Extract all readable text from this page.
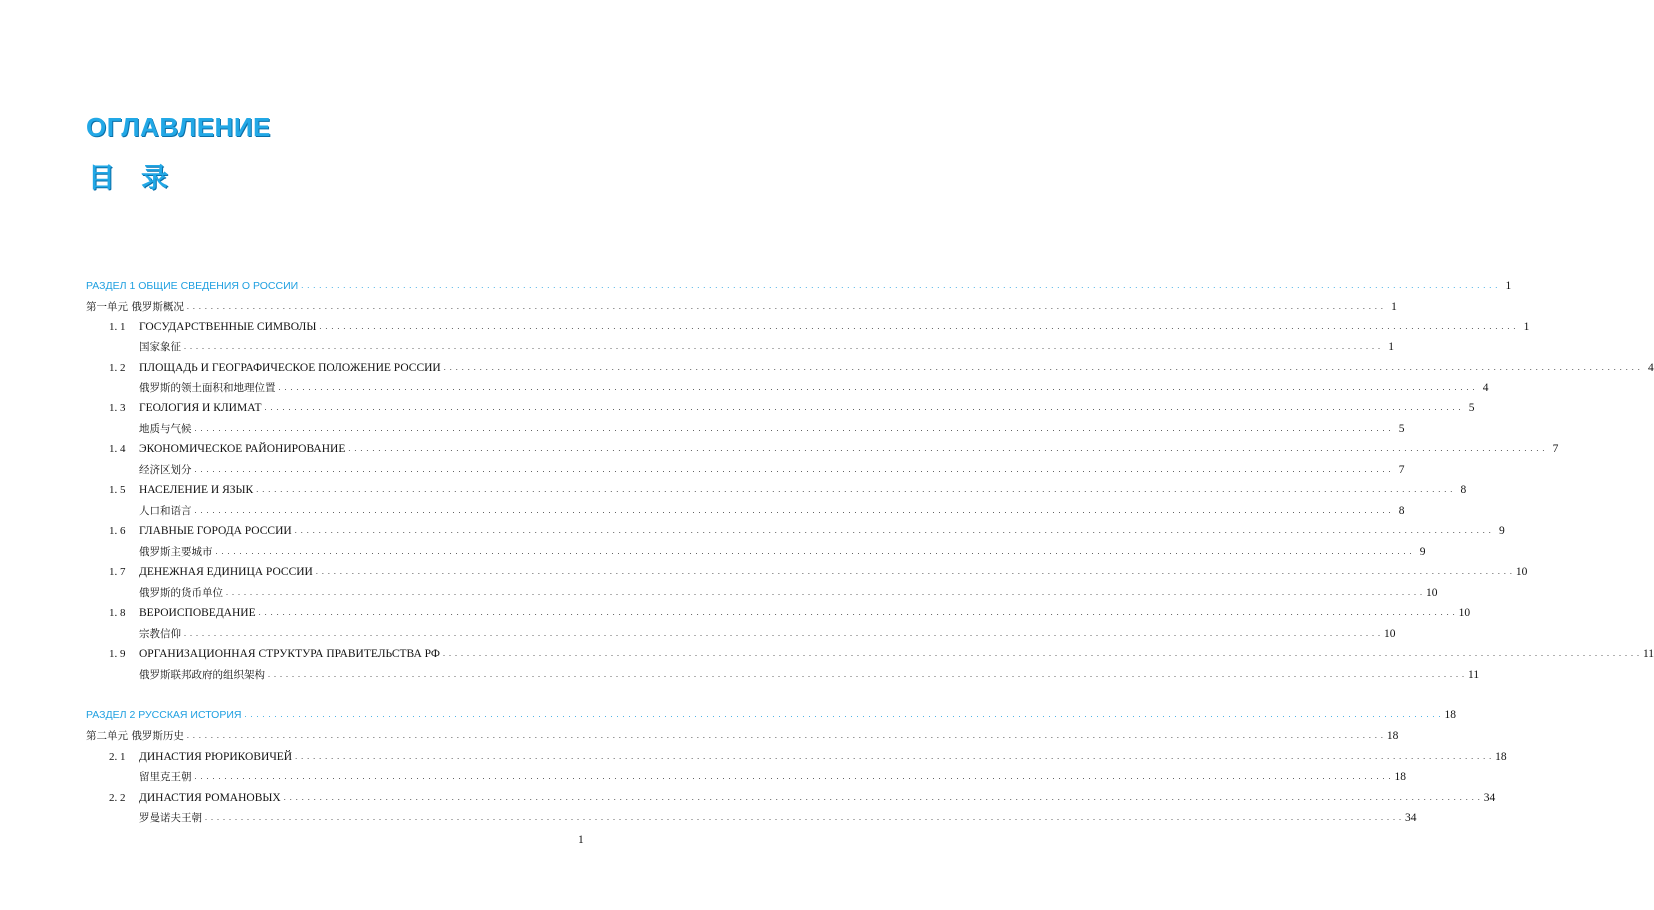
ОГЛАВЛЕНИЕ
目录
РАЗДЕЛ 1 ОБЩИЕ СВЕДЕНИЯ О РОССИИ . . . . . . . . . . . . . . . . . . . . . . . . . . . . . . . . . . . . . . . . . . . . . . . . . . . . . . . . . . . . . . . . . . . . . . . . . . . . . . . . . . . . . . . . . . . . . . . . . . . . . . . . . . . . . . . . . . . . . . . . . . . . . . . . . . . . . . . . . . . . . . . . . . . . . . . . . . . . . . . . . . . . . . . . . . . . . . . . . . . . . . . . . . . . . . . . . . . . . . . . 1
第一单元 俄罗斯概况 . . . . . . . . . . . . . . . . . . . . . . . . . . . . . . . . . . . . . . . . . . . . . . . . . . . . . . . . . . . . . . . . . . . . . . . . . . . . . . . . . . . . . . . . . . . . . . . . . . . . . . . . . . . . . . . . . . . . . . . . . . . . . . . . . . . . . . . . . . . . . . . . . . . . . . . . . . . . . . . . . . . . . . . . . . . . . . . . . . . . . . . . . . . . . . . . . . . . . . . . 1
1. 1	ГОСУДАРСТВЕННЫЕ СИМВОЛЫ . . . . . . . . . . . . . . . . . . . . . . . . . . . . . . . . . . . . . . . . . . . . . . . . . . . . . . . . . . . . . . . . . . . . . . . . . . . . . . . . . . . . . . . . . . . . . . . . . . . . . . . . . . . . . . . . . . . . . . . . . . . . . . . . . . . . . . . . . . . . . . . . . . . . . . . . . . . . . . . . . . . . . . . . . . . . . . . . . . . . . . . . . . . . . . . . . . . . . . . . 1
国家象征 . . . . . . . . . . . . . . . . . . . . . . . . . . . . . . . . . . . . . . . . . . . . . . . . . . . . . . . . . . . . . . . . . . . . . . . . . . . . . . . . . . . . . . . . . . . . . . . . . . . . . . . . . . . . . . . . . . . . . . . . . . . . . . . . . . . . . . . . . . . . . . . . . . . . . . . . . . . . . . . . . . . . . . . . . . . . . . . . . . . . . . . . . . . . . . . . . . . . . . . . 1
1. 2	ПЛОЩАДЬ И ГЕОГРАФИЧЕСКОЕ ПОЛОЖЕНИЕ РОССИИ . . . . . . . . . . . . . . . . . . . . . . . . . . . . . . . . . . . . . . . . . . . . . . . . . . . . . . . . . . . . . . . . . . . . . . . . . . . . . . . . . . . . . . . . . . . . . . . . . . . . . . . . . . . . . . . . . . . . . . . . . . . . . . . . . . . . . . . . . . . . . . . . . . . . . . . . . . . . . . . . . . . . . . . . . . . . . . . . . . . . . . . . . . . . . . . . . . . . . . . . 4
俄罗斯的领土面积和地理位置 . . . . . . . . . . . . . . . . . . . . . . . . . . . . . . . . . . . . . . . . . . . . . . . . . . . . . . . . . . . . . . . . . . . . . . . . . . . . . . . . . . . . . . . . . . . . . . . . . . . . . . . . . . . . . . . . . . . . . . . . . . . . . . . . . . . . . . . . . . . . . . . . . . . . . . . . . . . . . . . . . . . . . . . . . . . . . . . . . . . . . . . . . . . . . . . . . . . . . . . . 4
1. 3	ГЕОЛОГИЯ И КЛИМАТ . . . . . . . . . . . . . . . . . . . . . . . . . . . . . . . . . . . . . . . . . . . . . . . . . . . . . . . . . . . . . . . . . . . . . . . . . . . . . . . . . . . . . . . . . . . . . . . . . . . . . . . . . . . . . . . . . . . . . . . . . . . . . . . . . . . . . . . . . . . . . . . . . . . . . . . . . . . . . . . . . . . . . . . . . . . . . . . . . . . . . . . . . . . . . . . . . . . . . . . . 5
地质与气候 . . . . . . . . . . . . . . . . . . . . . . . . . . . . . . . . . . . . . . . . . . . . . . . . . . . . . . . . . . . . . . . . . . . . . . . . . . . . . . . . . . . . . . . . . . . . . . . . . . . . . . . . . . . . . . . . . . . . . . . . . . . . . . . . . . . . . . . . . . . . . . . . . . . . . . . . . . . . . . . . . . . . . . . . . . . . . . . . . . . . . . . . . . . . . . . . . . . . . . . . 5
1. 4	ЭКОНОМИЧЕСКОЕ РАЙОНИРОВАНИЕ . . . . . . . . . . . . . . . . . . . . . . . . . . . . . . . . . . . . . . . . . . . . . . . . . . . . . . . . . . . . . . . . . . . . . . . . . . . . . . . . . . . . . . . . . . . . . . . . . . . . . . . . . . . . . . . . . . . . . . . . . . . . . . . . . . . . . . . . . . . . . . . . . . . . . . . . . . . . . . . . . . . . . . . . . . . . . . . . . . . . . . . . . . . . . . . . . . . . . . . . 7
经济区划分 . . . . . . . . . . . . . . . . . . . . . . . . . . . . . . . . . . . . . . . . . . . . . . . . . . . . . . . . . . . . . . . . . . . . . . . . . . . . . . . . . . . . . . . . . . . . . . . . . . . . . . . . . . . . . . . . . . . . . . . . . . . . . . . . . . . . . . . . . . . . . . . . . . . . . . . . . . . . . . . . . . . . . . . . . . . . . . . . . . . . . . . . . . . . . . . . . . . . . . . . 7
1. 5	НАСЕЛЕНИЕ И ЯЗЫК . . . . . . . . . . . . . . . . . . . . . . . . . . . . . . . . . . . . . . . . . . . . . . . . . . . . . . . . . . . . . . . . . . . . . . . . . . . . . . . . . . . . . . . . . . . . . . . . . . . . . . . . . . . . . . . . . . . . . . . . . . . . . . . . . . . . . . . . . . . . . . . . . . . . . . . . . . . . . . . . . . . . . . . . . . . . . . . . . . . . . . . . . . . . . . . . . . . . . . . . 8
人口和语言 . . . . . . . . . . . . . . . . . . . . . . . . . . . . . . . . . . . . . . . . . . . . . . . . . . . . . . . . . . . . . . . . . . . . . . . . . . . . . . . . . . . . . . . . . . . . . . . . . . . . . . . . . . . . . . . . . . . . . . . . . . . . . . . . . . . . . . . . . . . . . . . . . . . . . . . . . . . . . . . . . . . . . . . . . . . . . . . . . . . . . . . . . . . . . . . . . . . . . . . . 8
1. 6	ГЛАВНЫЕ ГОРОДА РОССИИ . . . . . . . . . . . . . . . . . . . . . . . . . . . . . . . . . . . . . . . . . . . . . . . . . . . . . . . . . . . . . . . . . . . . . . . . . . . . . . . . . . . . . . . . . . . . . . . . . . . . . . . . . . . . . . . . . . . . . . . . . . . . . . . . . . . . . . . . . . . . . . . . . . . . . . . . . . . . . . . . . . . . . . . . . . . . . . . . . . . . . . . . . . . . . . . . . . . . . . . . 9
俄罗斯主要城市 . . . . . . . . . . . . . . . . . . . . . . . . . . . . . . . . . . . . . . . . . . . . . . . . . . . . . . . . . . . . . . . . . . . . . . . . . . . . . . . . . . . . . . . . . . . . . . . . . . . . . . . . . . . . . . . . . . . . . . . . . . . . . . . . . . . . . . . . . . . . . . . . . . . . . . . . . . . . . . . . . . . . . . . . . . . . . . . . . . . . . . . . . . . . . . . . . . . . . . . . 9
1. 7	ДЕНЕЖНАЯ ЕДИНИЦА РОССИИ . . . . . . . . . . . . . . . . . . . . . . . . . . . . . . . . . . . . . . . . . . . . . . . . . . . . . . . . . . . . . . . . . . . . . . . . . . . . . . . . . . . . . . . . . . . . . . . . . . . . . . . . . . . . . . . . . . . . . . . . . . . . . . . . . . . . . . . . . . . . . . . . . . . . . . . . . . . . . . . . . . . . . . . . . . . . . . . . . . . . . . . . . . . . . . . . . . . . . . . . 10
俄罗斯的货币单位 . . . . . . . . . . . . . . . . . . . . . . . . . . . . . . . . . . . . . . . . . . . . . . . . . . . . . . . . . . . . . . . . . . . . . . . . . . . . . . . . . . . . . . . . . . . . . . . . . . . . . . . . . . . . . . . . . . . . . . . . . . . . . . . . . . . . . . . . . . . . . . . . . . . . . . . . . . . . . . . . . . . . . . . . . . . . . . . . . . . . . . . . . . . . . . . . . . . . . . . . 10
1. 8	ВЕРОИСПОВЕДАНИЕ . . . . . . . . . . . . . . . . . . . . . . . . . . . . . . . . . . . . . . . . . . . . . . . . . . . . . . . . . . . . . . . . . . . . . . . . . . . . . . . . . . . . . . . . . . . . . . . . . . . . . . . . . . . . . . . . . . . . . . . . . . . . . . . . . . . . . . . . . . . . . . . . . . . . . . . . . . . . . . . . . . . . . . . . . . . . . . . . . . . . . . . . . . . . . . . . . . . . . . . . 10
宗教信仰 . . . . . . . . . . . . . . . . . . . . . . . . . . . . . . . . . . . . . . . . . . . . . . . . . . . . . . . . . . . . . . . . . . . . . . . . . . . . . . . . . . . . . . . . . . . . . . . . . . . . . . . . . . . . . . . . . . . . . . . . . . . . . . . . . . . . . . . . . . . . . . . . . . . . . . . . . . . . . . . . . . . . . . . . . . . . . . . . . . . . . . . . . . . . . . . . . . . . . . . . 10
1. 9	ОРГАНИЗАЦИОННАЯ СТРУКТУРА ПРАВИТЕЛЬСТВА РФ . . . . . . . . . . . . . . . . . . . . . . . . . . . . . . . . . . . . . . . . . . . . . . . . . . . . . . . . . . . . . . . . . . . . . . . . . . . . . . . . . . . . . . . . . . . . . . . . . . . . . . . . . . . . . . . . . . . . . . . . . . . . . . . . . . . . . . . . . . . . . . . . . . . . . . . . . . . . . . . . . . . . . . . . . . . . . . . . . . . . . . . . . . . . . . . . . . . . . . . . 11
俄罗斯联邦政府的组织架构 . . . . . . . . . . . . . . . . . . . . . . . . . . . . . . . . . . . . . . . . . . . . . . . . . . . . . . . . . . . . . . . . . . . . . . . . . . . . . . . . . . . . . . . . . . . . . . . . . . . . . . . . . . . . . . . . . . . . . . . . . . . . . . . . . . . . . . . . . . . . . . . . . . . . . . . . . . . . . . . . . . . . . . . . . . . . . . . . . . . . . . . . . . . . . . . . . . . . . . . . 11
РАЗДЕЛ 2 РУССКАЯ ИСТОРИЯ . . . . . . . . . . . . . . . . . . . . . . . . . . . . . . . . . . . . . . . . . . . . . . . . . . . . . . . . . . . . . . . . . . . . . . . . . . . . . . . . . . . . . . . . . . . . . . . . . . . . . . . . . . . . . . . . . . . . . . . . . . . . . . . . . . . . . . . . . . . . . . . . . . . . . . . . . . . . . . . . . . . . . . . . . . . . . . . . . . . . . . . . . . . . . . . . . . . . . . . . 18
第二单元 俄罗斯历史 . . . . . . . . . . . . . . . . . . . . . . . . . . . . . . . . . . . . . . . . . . . . . . . . . . . . . . . . . . . . . . . . . . . . . . . . . . . . . . . . . . . . . . . . . . . . . . . . . . . . . . . . . . . . . . . . . . . . . . . . . . . . . . . . . . . . . . . . . . . . . . . . . . . . . . . . . . . . . . . . . . . . . . . . . . . . . . . . . . . . . . . . . . . . . . . . . . . . . . . . 18
2. 1	ДИНАСТИЯ РЮРИКОВИЧЕЙ . . . . . . . . . . . . . . . . . . . . . . . . . . . . . . . . . . . . . . . . . . . . . . . . . . . . . . . . . . . . . . . . . . . . . . . . . . . . . . . . . . . . . . . . . . . . . . . . . . . . . . . . . . . . . . . . . . . . . . . . . . . . . . . . . . . . . . . . . . . . . . . . . . . . . . . . . . . . . . . . . . . . . . . . . . . . . . . . . . . . . . . . . . . . . . . . . . . . . . . . 18
留里克王朝 . . . . . . . . . . . . . . . . . . . . . . . . . . . . . . . . . . . . . . . . . . . . . . . . . . . . . . . . . . . . . . . . . . . . . . . . . . . . . . . . . . . . . . . . . . . . . . . . . . . . . . . . . . . . . . . . . . . . . . . . . . . . . . . . . . . . . . . . . . . . . . . . . . . . . . . . . . . . . . . . . . . . . . . . . . . . . . . . . . . . . . . . . . . . . . . . . . . . . . . . 18
2. 2	ДИНАСТИЯ РОМАНОВЫХ . . . . . . . . . . . . . . . . . . . . . . . . . . . . . . . . . . . . . . . . . . . . . . . . . . . . . . . . . . . . . . . . . . . . . . . . . . . . . . . . . . . . . . . . . . . . . . . . . . . . . . . . . . . . . . . . . . . . . . . . . . . . . . . . . . . . . . . . . . . . . . . . . . . . . . . . . . . . . . . . . . . . . . . . . . . . . . . . . . . . . . . . . . . . . . . . . . . . . . . . 34
罗曼诺夫王朝 . . . . . . . . . . . . . . . . . . . . . . . . . . . . . . . . . . . . . . . . . . . . . . . . . . . . . . . . . . . . . . . . . . . . . . . . . . . . . . . . . . . . . . . . . . . . . . . . . . . . . . . . . . . . . . . . . . . . . . . . . . . . . . . . . . . . . . . . . . . . . . . . . . . . . . . . . . . . . . . . . . . . . . . . . . . . . . . . . . . . . . . . . . . . . . . . . . . . . . . . 34
1
